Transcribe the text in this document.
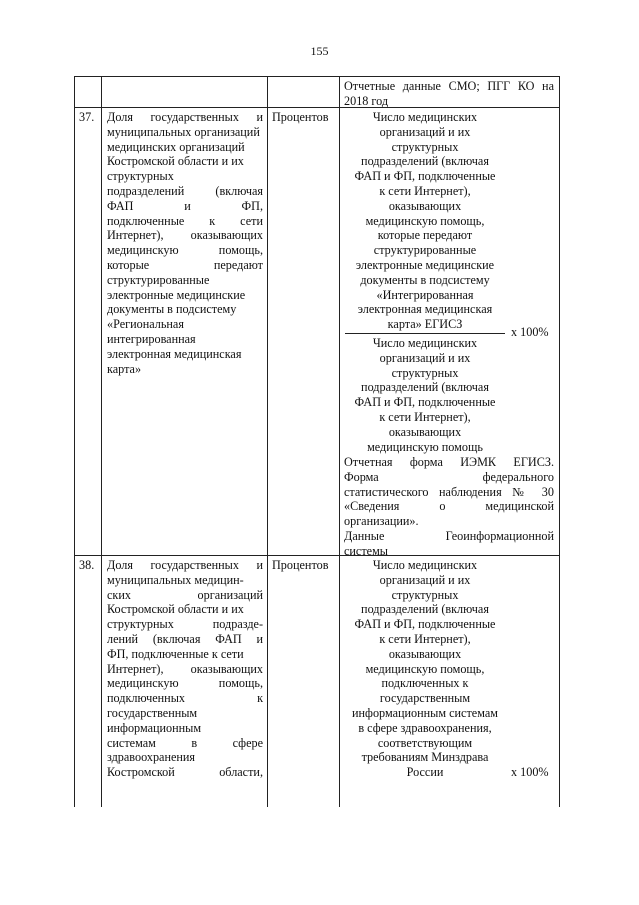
155
Отчетные данные СМО; ПГГ КО на
2018 год
37. Доля государственных и
муниципальных организаций
медицинских организаций
Костромской области и их
структурных
подразделений (включая
ФАП и ФП,
подключенные к сети
Интернет), оказывающих
медицинскую помощь,
которые передают
структурированные
электронные медицинские
документы в подсистему
«Региональная
интегрированная
электронная медицинская
карта»
Процентов	Число медицинских
организаций и их
структурных
подразделений (включая
ФАП и ФП, подключенные
к сети Интернет),
оказывающих
медицинскую помощь,
которые передают
структурированные
электронные медицинские
документы в подсистему
«Интегрированная
электронная медицинская
карта» ЕГИСЗ
х 100%
Число медицинских
организаций и их
структурных
подразделений (включая
ФАП и ФП, подключенные
к сети Интернет),
оказывающих
медицинскую помощь
Отчетная форма ИЭМК ЕГИСЗ.
Форма федерального
статистического наблюдения № 30
«Сведения о медицинской
организации».
Данные Геоинформационной
системы
38. Доля государственных и
муниципальных медицин-
ских организаций
Костромской области и их
структурных подразде-
лений (включая ФАП и
ФП, подключенные к сети
Интернет), оказывающих
медицинскую помощь,
подключенных к
государственным
информационным
системам в сфере
здравоохранения
Костромской области,
Процентов	Число медицинских
организаций и их
структурных
подразделений (включая
ФАП и ФП, подключенные
к сети Интернет),
оказывающих
медицинскую помощь,
подключенных к
государственным
информационным системам
в сфере здравоохранения,
соответствующим
требованиям Минздрава
России	х 100%
